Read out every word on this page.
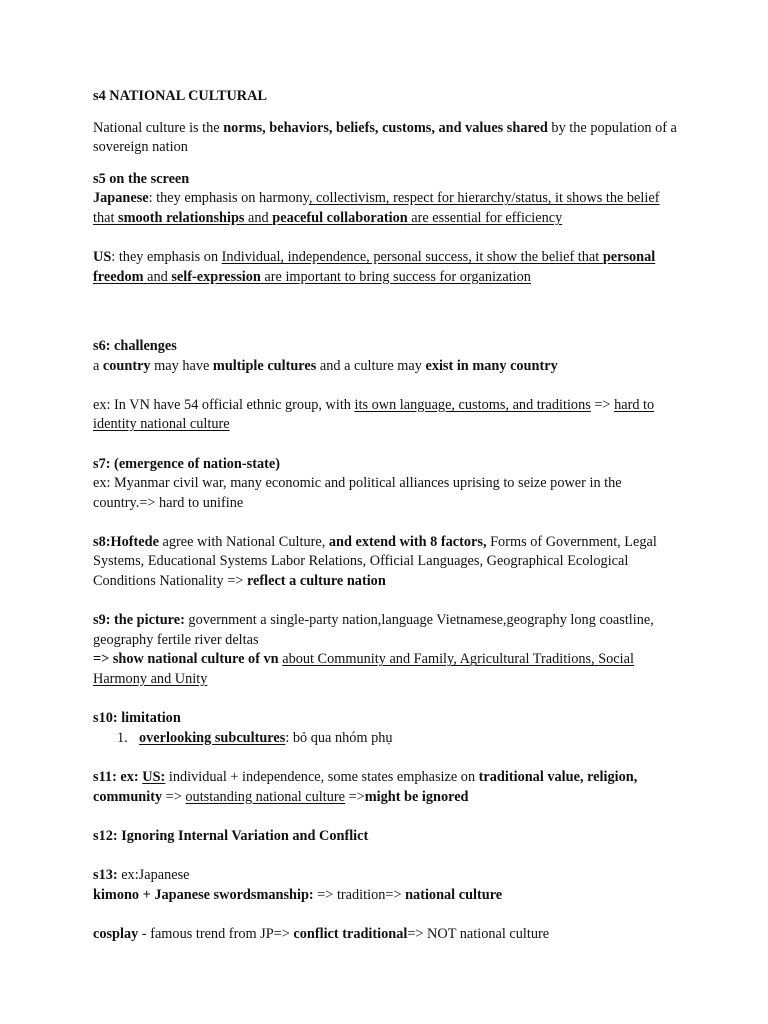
s4 NATIONAL CULTURAL

National culture is the norms, behaviors, beliefs, customs, and values shared by the population of a sovereign nation

s5 on the screen

Japanese: they emphasis on harmony, collectivism, respect for hierarchy/status, it shows the belief that smooth relationships and peaceful collaboration are essential for efficiency

US: they emphasis on Individual, independence, personal success, it show the belief that personal freedom and self-expression are important to bring success for organization

s6: challenges

a country may have multiple cultures and a culture may exist in many country

ex: In VN have 54 official ethnic group, with its own language, customs, and traditions => hard to identity national culture

s7: (emergence of nation-state)

ex: Myanmar civil war, many economic and political alliances uprising to seize power in the country.=> hard to unifine

s8:Hoftede agree with National Culture, and extend with 8 factors, Forms of Government, Legal Systems, Educational Systems Labor Relations, Official Languages, Geographical Ecological Conditions Nationality => reflect a culture nation

s9: the picture: government a single-party nation,language Vietnamese,geography long coastline, geography fertile river deltas

=> show national culture of vn about Community and Family, Agricultural Traditions, Social Harmony and Unity

s10: limitation

1. overlooking subcultures: bỏ qua nhóm phụ

s11: ex: US: individual + independence, some states emphasize on traditional value, religion, community => outstanding national culture =>might be ignored

s12: Ignoring Internal Variation and Conflict

s13: ex:Japanese

kimono + Japanese swordsmanship: => tradition=> national culture

cosplay - famous trend from JP=> conflict traditional=> NOT national culture
